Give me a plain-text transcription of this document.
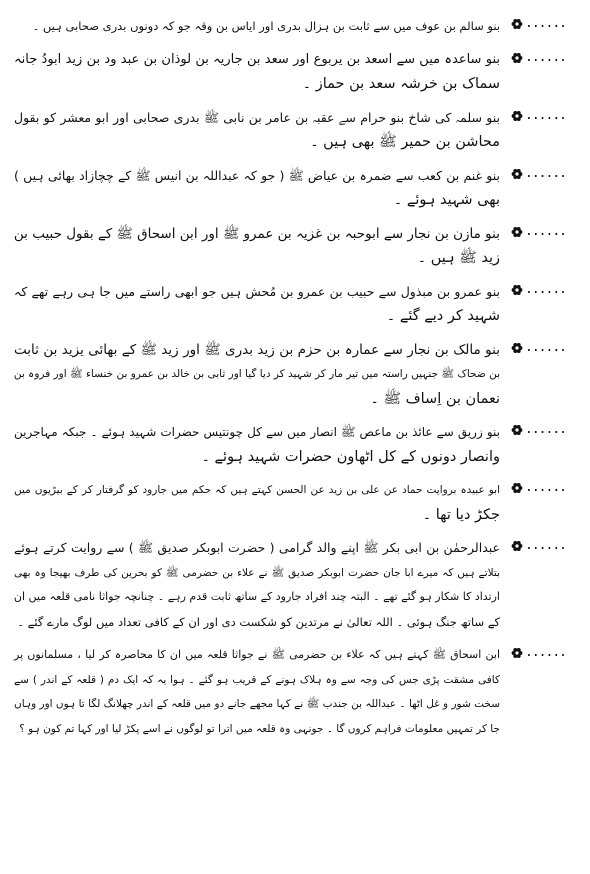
......
بنو سالم بن عوف میں سے ثابت بن ہزال بدری اور ایاس بن وقہ جو کہ دونوں بدری صحابی ہیں ۔
......
بنو ساعدہ میں سے اسعد بن یربوع اور سعد بن جاریہ بن لوذان بن عبد ود بن زید ابودُ جانہ
سماک بن خرشہ سعد بن حماز ۔
......
بنو سلمہ کی شاخ بنو حرام سے عقبہ بن عامر بن نابی ﷺ بدری صحابی اور ابو معشر کو بقول
محاشن بن حمیر ﷺ بھی ہیں ۔
......
بنو غنم بن کعب سے ضمرہ بن عیاض ﷺ ( جو کہ عبداللہ بن انیس ﷺ کے چچازاد بھائی ہیں )
بھی شہید ہوئے ۔
......
بنو مازن بن نجار سے ابوحبہ بن غزیہ بن عمرو ﷺ اور ابن اسحاق ﷺ کے بقول حبیب بن
زید ﷺ ہیں ۔
......
بنو عمرو بن مبذول سے حبیب بن عمرو بن مُحش ہیں جو ابھی راستے میں جا ہی رہے تھے کہ
شہید کر دیے گئے ۔
......
بنو مالک بن نجار سے عمارہ بن حزم بن زید بدری ﷺ اور زید ﷺ کے بھائی یزید بن ثابت
بن ضحاک ﷺ جنہیں راستہ میں تیر مار کر شہید کر دیا گیا اور ثابی بن خالد بن عمرو بن خنساء ﷺ اور فروہ بن
نعمان بن اِساف ﷺ ۔
......
بنو زریق سے عائذ بن ماعص ﷺ انصار میں سے کل چونتیس حضرات شہید ہوئے ۔ جبکہ مہاجرین
وانصار دونوں کے کل اٹھاون حضرات شہید ہوئے ۔
......
ابو عبیدہ بروایت حماد عن علی بن زید عن الحسن کہتے ہیں کہ حکم میں جارود کو گرفتار کر کے بیڑیوں میں
جکڑ دیا تھا ۔
......
عبدالرحمٰن بن ابی بکر ﷺ اپنے والد گرامی ( حضرت ابوبکر صدیق ﷺ ) سے روایت کرتے ہوئے
بتلاتے ہیں کہ میرے ابا جان حضرت ابوبکر صدیق ﷺ نے علاء بن حضرمی ﷺ کو بحرین کی طرف بھیجا وہ بھی
ارتداد کا شکار ہو گئے تھے ۔ البتہ چند افراد جارود کے ساتھ ثابت قدم رہے ۔ چنانچہ جواثا نامی قلعہ میں ان
کے ساتھ جنگ ہوئی ۔ اللہ تعالیٰ نے مرتدین کو شکست دی اور ان کے کافی تعداد میں لوگ مارے گئے ۔
......
ابن اسحاق ﷺ کہتے ہیں کہ علاء بن حضرمی ﷺ نے جواثا قلعہ میں ان کا محاصرہ کر لیا ، مسلمانوں پر
کافی مشقت پڑی جس کی وجہ سے وہ ہلاک ہونے کے قریب ہو گئے ۔ ہوا یہ کہ ایک دم ( قلعہ کے اندر ) سے
سخت شور و غل اٹھا ۔ عبداللہ بن جندب ﷺ نے کہا مجھے جانے دو میں قلعہ کے اندر چھلانگ لگا تا ہوں اور وہاں
جا کر تمہیں معلومات فراہم کروں گا ۔ جونہی وہ قلعہ میں اترا تو لوگوں نے اسے پکڑ لیا اور کہا تم کون ہو ؟
